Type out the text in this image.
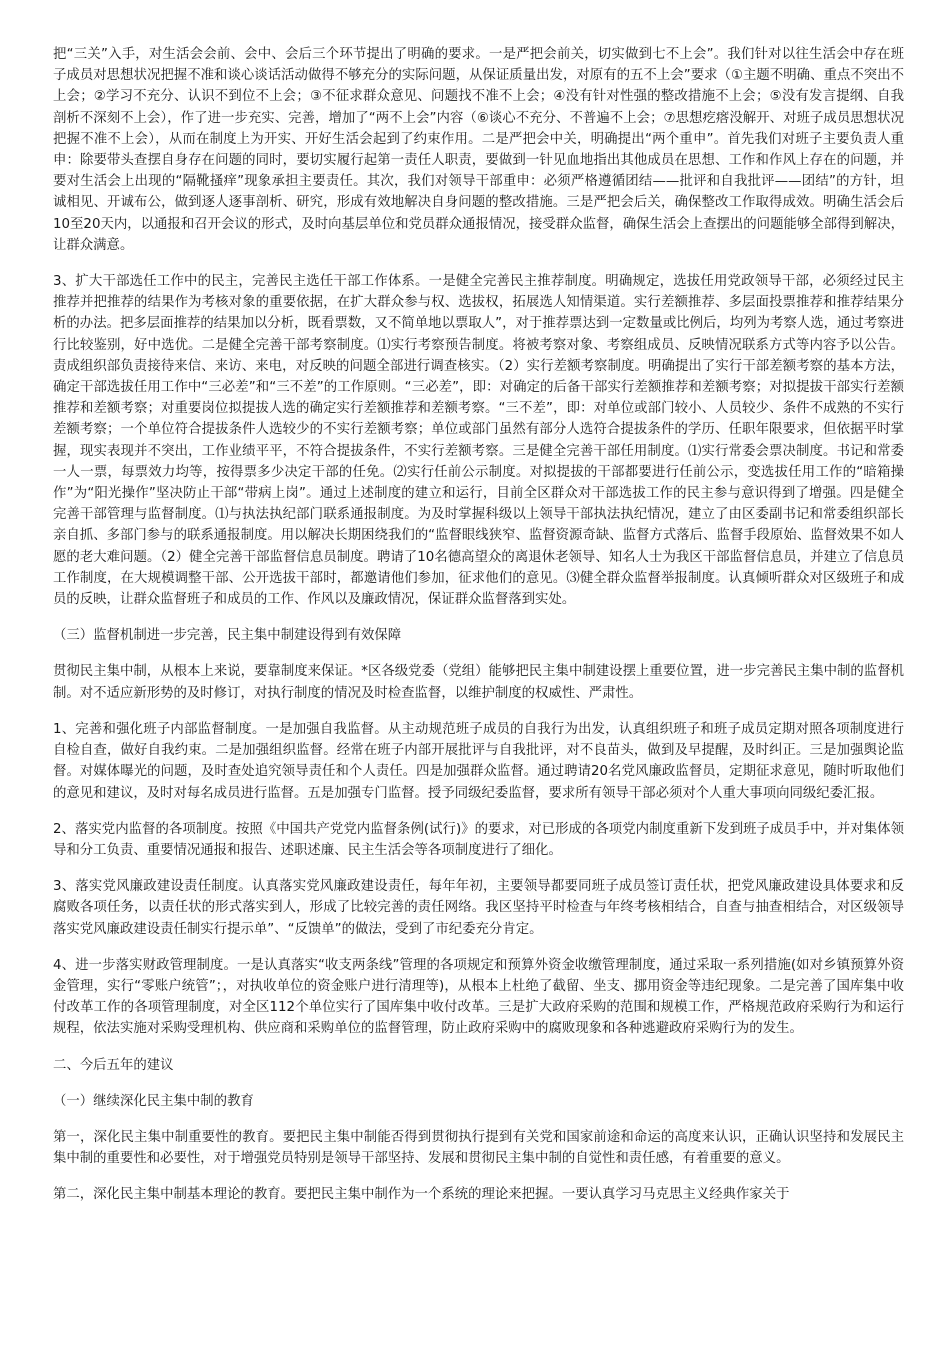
把“三关”入手，对生活会会前、会中、会后三个环节提出了明确的要求。一是严把会前关，切实做到七不上会”。我们针对以往生活会中存在班子成员对思想状况把握不准和谈心谈话活动做得不够充分的实际问题，从保证质量出发，对原有的五不上会”要求（①主题不明确、重点不突出不上会；②学习不充分、认识不到位不上会；③不征求群众意见、问题找不准不上会；④没有针对性强的整改措施不上会；⑤没有发言提纲、自我剖析不深刻不上会），作了进一步充实、完善，增加了“两不上会”内容（⑥谈心不充分、不普遍不上会；⑦思想疙瘩没解开、对班子成员思想状况把握不准不上会），从而在制度上为开实、开好生活会起到了约束作用。二是严把会中关，明确提出“两个重申”。首先我们对班子主要负责人重申：除要带头查摆自身存在问题的同时，要切实履行起第一责任人职责，要做到一针见血地指出其他成员在思想、工作和作风上存在的问题，并要对生活会上出现的“隔靴搔痒”现象承担主要责任。其次，我们对领导干部重申：必须严格遵循团结——批评和自我批评——团结”的方针，坦诚相见、开诚布公，做到逐人逐事剖析、研究，形成有效地解决自身问题的整改措施。三是严把会后关，确保整改工作取得成效。明确生活会后10至20天内，以通报和召开会议的形式，及时向基层单位和党员群众通报情况，接受群众监督，确保生活会上查摆出的问题能够全部得到解决，让群众满意。

3、扩大干部选任工作中的民主，完善民主选任干部工作体系。一是健全完善民主推荐制度。明确规定，选拔任用党政领导干部，必须经过民主推荐并把推荐的结果作为考核对象的重要依据，在扩大群众参与权、选拔权，拓展选人知情渠道。实行差额推荐、多层面投票推荐和推荐结果分析的办法。把多层面推荐的结果加以分析，既看票数，又不简单地以票取人”，对于推荐票达到一定数量或比例后，均列为考察人选，通过考察进行比较鉴别，好中选优。二是健全完善干部考察制度。⑴实行考察预告制度。将被考察对象、考察组成员、反映情况联系方式等内容予以公告。责成组织部负责接待来信、来访、来电，对反映的问题全部进行调查核实。（2）实行差额考察制度。明确提出了实行干部差额考察的基本方法，确定干部选拔任用工作中“三必差”和“三不差”的工作原则。“三必差”，即：对确定的后备干部实行差额推荐和差额考察；对拟提拔干部实行差额推荐和差额考察；对重要岗位拟提拔人选的确定实行差额推荐和差额考察。“三不差”，即：对单位或部门较小、人员较少、条件不成熟的不实行差额考察；一个单位符合提拔条件人选较少的不实行差额考察；单位或部门虽然有部分人选符合提拔条件的学历、任职年限要求，但依据平时掌握，现实表现并不突出，工作业绩平平，不符合提拔条件，不实行差额考察。三是健全完善干部任用制度。⑴实行常委会票决制度。书记和常委一人一票，每票效力均等，按得票多少决定干部的任免。⑵实行任前公示制度。对拟提拔的干部都要进行任前公示，变选拔任用工作的“暗箱操作”为“阳光操作”坚决防止干部“带病上岗”。通过上述制度的建立和运行，目前全区群众对干部选拔工作的民主参与意识得到了增强。四是健全完善干部管理与监督制度。⑴与执法执纪部门联系通报制度。为及时掌握科级以上领导干部执法执纪情况，建立了由区委副书记和常委组织部长亲自抓、多部门参与的联系通报制度。用以解决长期困绕我们的“监督眼线狭窄、监督资源奇缺、监督方式落后、监督手段原始、监督效果不如人愿的老大难问题。（2）健全完善干部监督信息员制度。聘请了10名德高望众的离退休老领导、知名人士为我区干部监督信息员，并建立了信息员工作制度，在大规模调整干部、公开选拔干部时，都邀请他们参加，征求他们的意见。⑶健全群众监督举报制度。认真倾听群众对区级班子和成员的反映，让群众监督班子和成员的工作、作风以及廉政情况，保证群众监督落到实处。

（三）监督机制进一步完善，民主集中制建设得到有效保障

贯彻民主集中制，从根本上来说，要靠制度来保证。*区各级党委（党组）能够把民主集中制建设摆上重要位置，进一步完善民主集中制的监督机制。对不适应新形势的及时修订，对执行制度的情况及时检查监督，以维护制度的权威性、严肃性。

1、完善和强化班子内部监督制度。一是加强自我监督。从主动规范班子成员的自我行为出发，认真组织班子和班子成员定期对照各项制度进行自检自查，做好自我约束。二是加强组织监督。经常在班子内部开展批评与自我批评，对不良苗头，做到及早提醒，及时纠正。三是加强舆论监督。对媒体曝光的问题，及时查处追究领导责任和个人责任。四是加强群众监督。通过聘请20名党风廉政监督员，定期征求意见，随时听取他们的意见和建议，及时对每名成员进行监督。五是加强专门监督。授予同级纪委监督，要求所有领导干部必须对个人重大事项向同级纪委汇报。

2、落实党内监督的各项制度。按照《中国共产党党内监督条例(试行)》的要求，对已形成的各项党内制度重新下发到班子成员手中，并对集体领导和分工负责、重要情况通报和报告、述职述廉、民主生活会等各项制度进行了细化。

3、落实党风廉政建设责任制度。认真落实党风廉政建设责任，每年年初，主要领导都要同班子成员签订责任状，把党风廉政建设具体要求和反腐败各项任务，以责任状的形式落实到人，形成了比较完善的责任网络。我区坚持平时检查与年终考核相结合，自查与抽查相结合，对区级领导落实党风廉政建设责任制实行提示单”、“反馈单”的做法，受到了市纪委充分肯定。

4、进一步落实财政管理制度。一是认真落实“收支两条线”管理的各项规定和预算外资金收缴管理制度，通过采取一系列措施(如对乡镇预算外资金管理，实行“零账户统管”；，对执收单位的资金账户进行清理等)，从根本上杜绝了截留、坐支、挪用资金等违纪现象。二是完善了国库集中收付改革工作的各项管理制度，对全区112个单位实行了国库集中收付改革。三是扩大政府采购的范围和规模工作，严格规范政府采购行为和运行规程，依法实施对采购受理机构、供应商和采购单位的监督管理，防止政府采购中的腐败现象和各种逃避政府采购行为的发生。

二、今后五年的建议

（一）继续深化民主集中制的教育

第一，深化民主集中制重要性的教育。要把民主集中制能否得到贯彻执行提到有关党和国家前途和命运的高度来认识，正确认识坚持和发展民主集中制的重要性和必要性，对于增强党员特别是领导干部坚持、发展和贯彻民主集中制的自觉性和责任感，有着重要的意义。

第二，深化民主集中制基本理论的教育。要把民主集中制作为一个系统的理论来把握。一要认真学习马克思主义经典作家关于
